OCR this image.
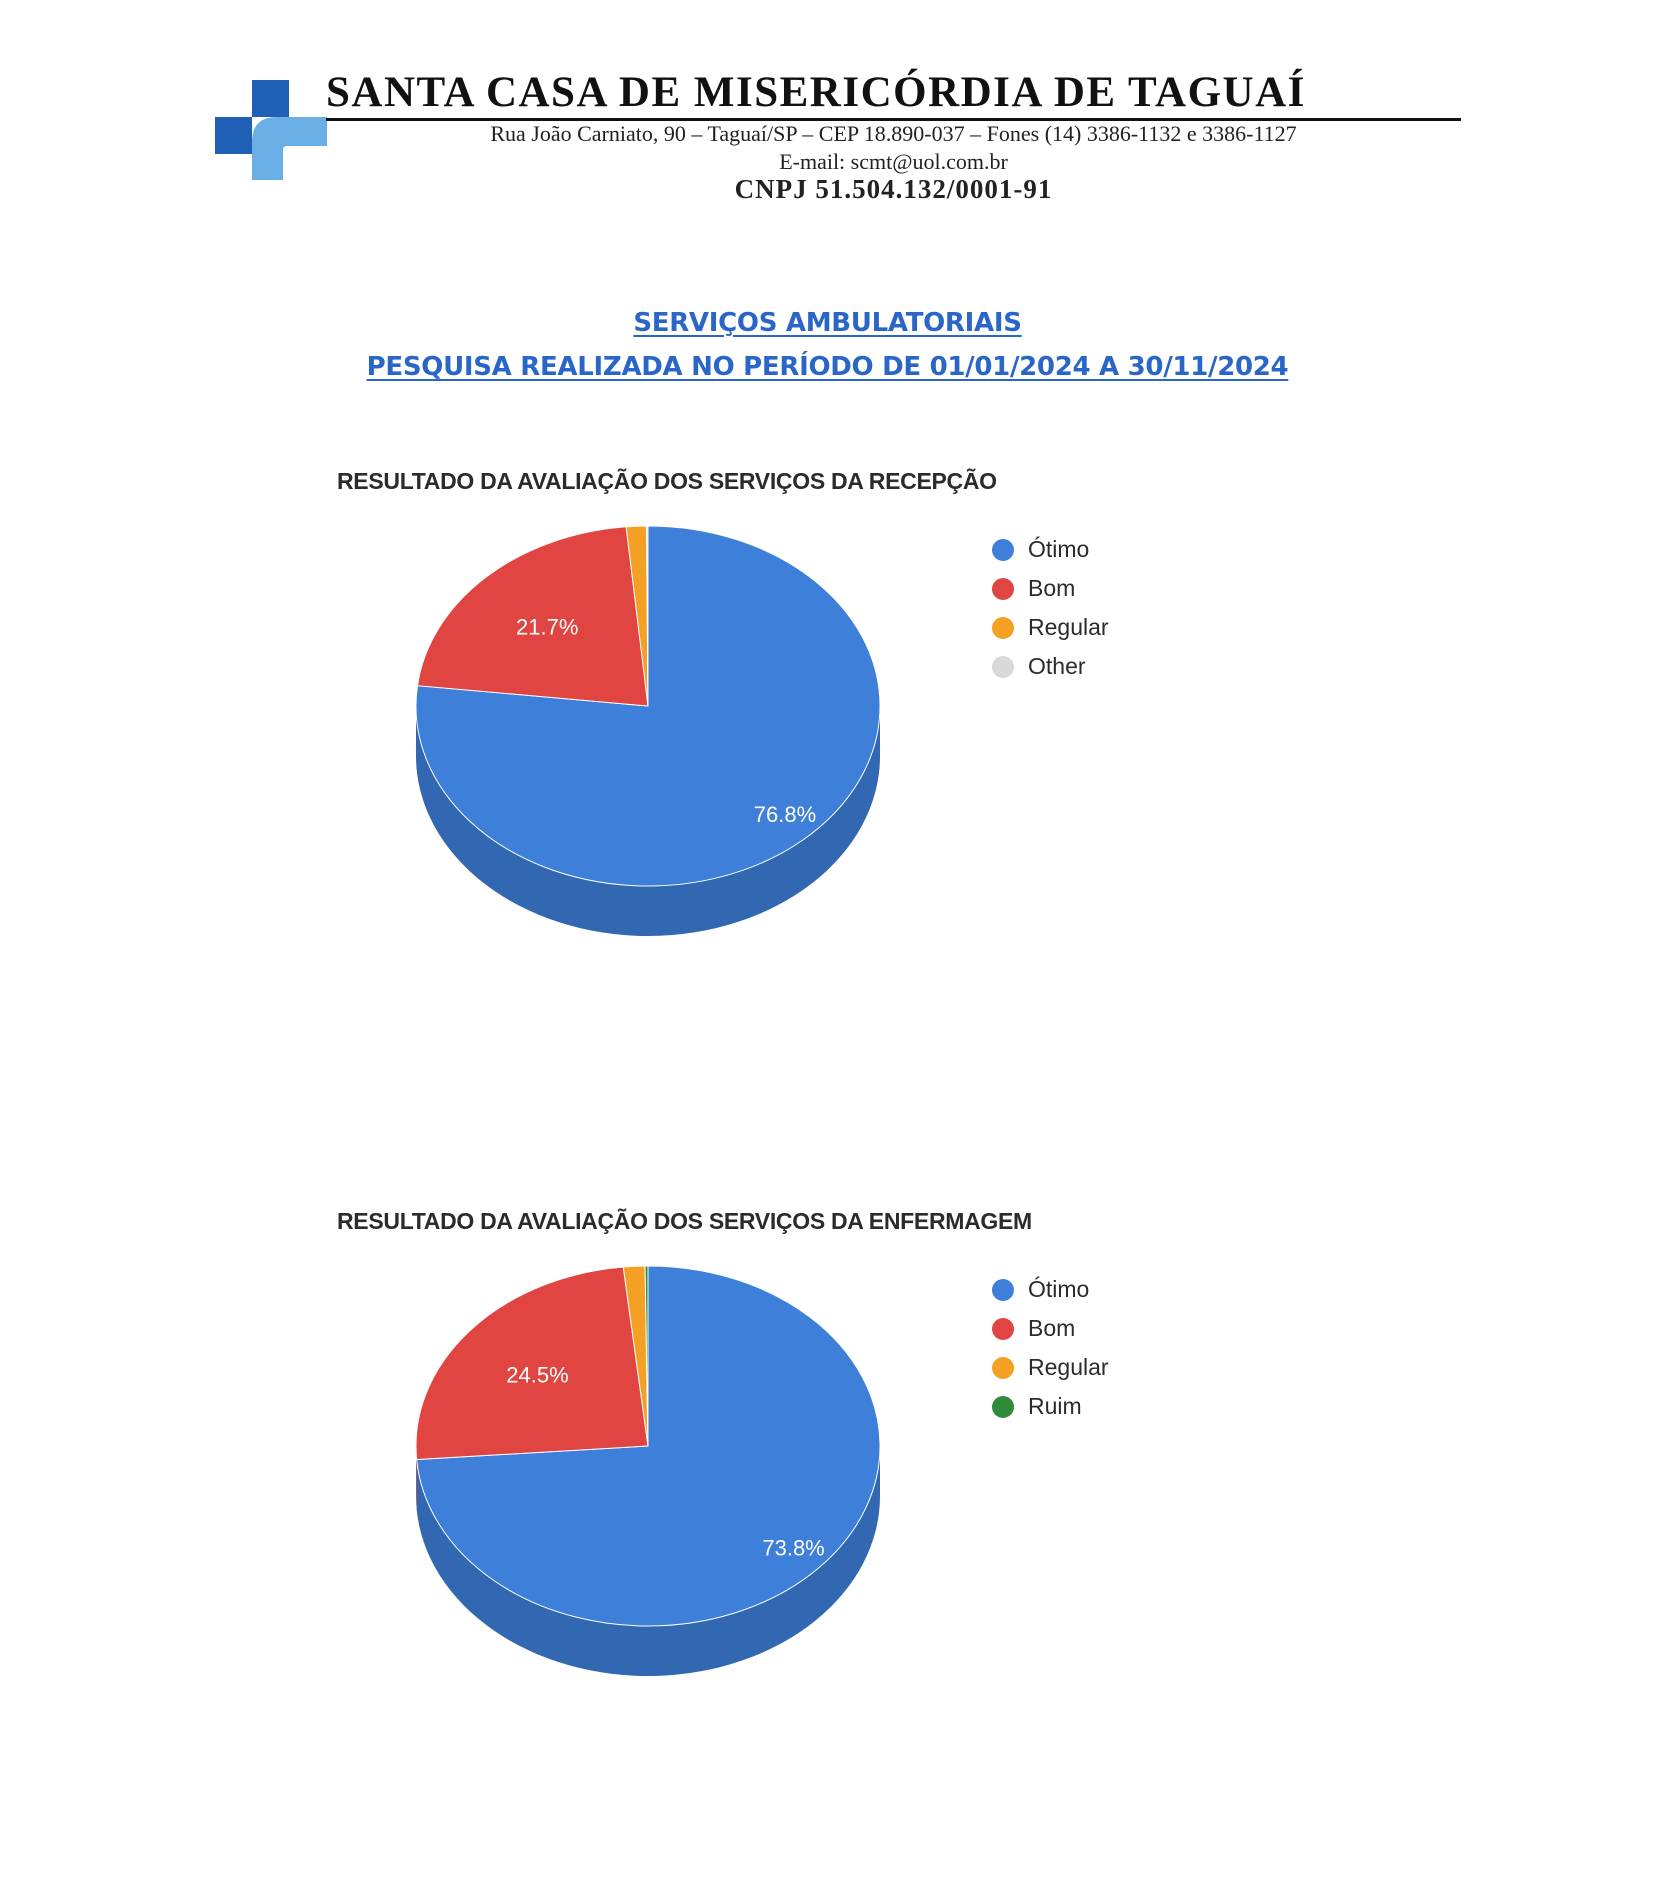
SANTA CASA DE MISERICÓRDIA DE TAGUAÍ
Rua João Carniato, 90 – Taguaí/SP – CEP 18.890-037 – Fones (14) 3386-1132 e 3386-1127
E-mail: scmt@uol.com.br
CNPJ 51.504.132/0001-91
SERVIÇOS AMBULATORIAIS
PESQUISA REALIZADA NO PERÍODO DE 01/01/2024 A 30/11/2024
RESULTADO DA AVALIAÇÃO DOS SERVIÇOS DA RECEPÇÃO
76.8%
21.7%
Ótimo
Bom
Regular
Other
RESULTADO DA AVALIAÇÃO DOS SERVIÇOS DA ENFERMAGEM
73.8%
24.5%
Ótimo
Bom
Regular
Ruim
